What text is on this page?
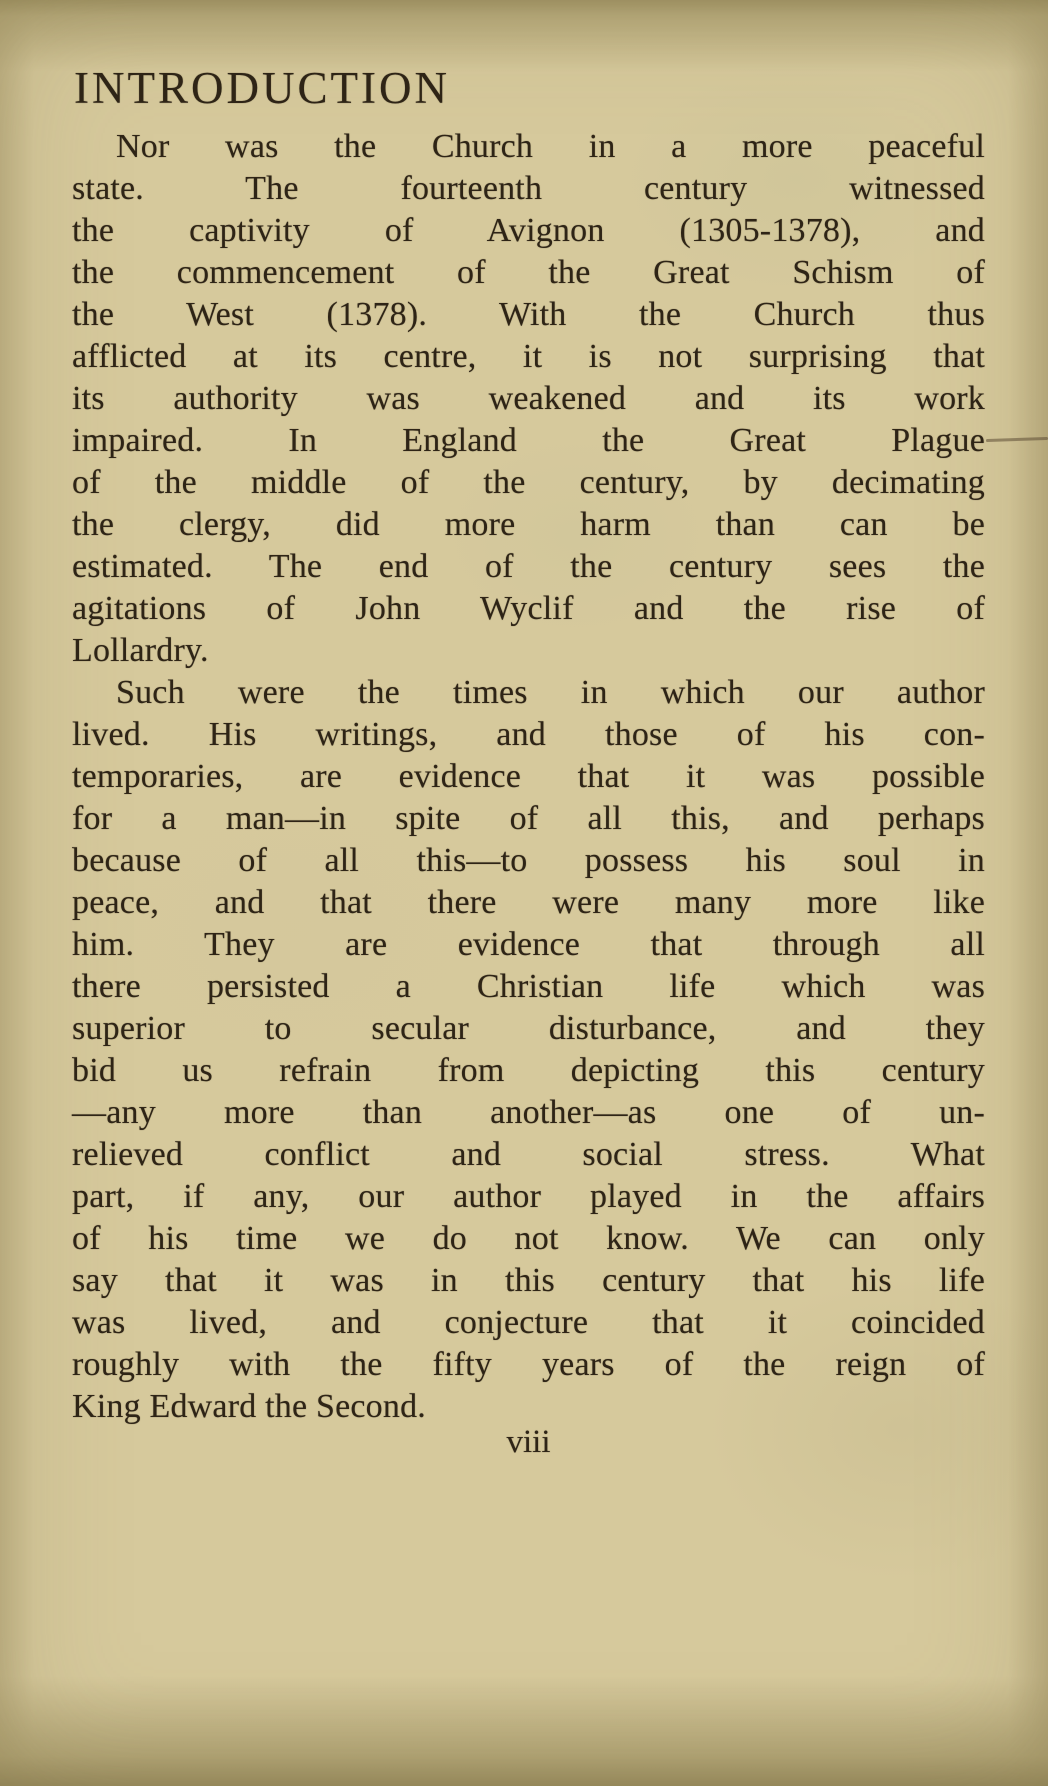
INTRODUCTION
Nor was the Church in a more peaceful
state. The fourteenth century witnessed
the captivity of Avignon (1305-1378), and
the commencement of the Great Schism of
the West (1378). With the Church thus
afflicted at its centre, it is not surprising that
its authority was weakened and its work
impaired. In England the Great Plague
of the middle of the century, by decimating
the clergy, did more harm than can be
estimated. The end of the century sees the
agitations of John Wyclif and the rise of
Lollardry.
Such were the times in which our author
lived. His writings, and those of his con-
temporaries, are evidence that it was possible
for a man—in spite of all this, and perhaps
because of all this—to possess his soul in
peace, and that there were many more like
him. They are evidence that through all
there persisted a Christian life which was
superior to secular disturbance, and they
bid us refrain from depicting this century
—any more than another—as one of un-
relieved conflict and social stress. What
part, if any, our author played in the affairs
of his time we do not know. We can only
say that it was in this century that his life
was lived, and conjecture that it coincided
roughly with the fifty years of the reign of
King Edward the Second.
viii
